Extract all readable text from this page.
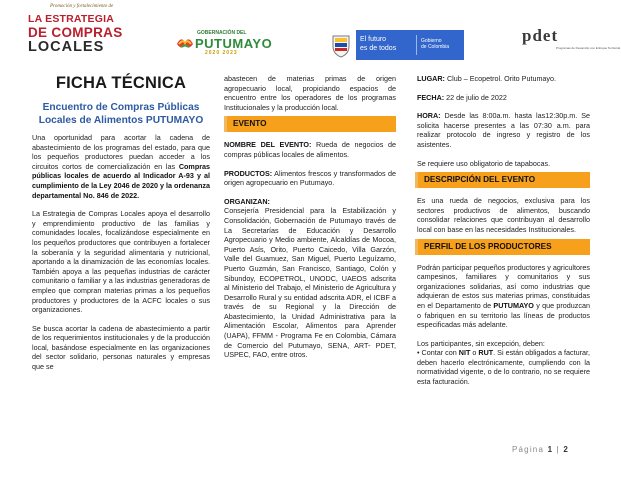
Promoción y fortalecimiento de
LA ESTRATEGIA
DE COMPRAS
LOCALES
GOBERNACIÓN DEL
PUTUMAYO
2020 2023
El futuro
es de todos
Gobierno
de Colombia
pdet
Programas de Desarrollo con Enfoque Territorial
FICHA TÉCNICA
Encuentro de Compras Públicas Locales de Alimentos PUTUMAYO

Una oportunidad para acortar la cadena de abastecimiento de los programas del estado, para que los pequeños productores puedan acceder a los circuitos cortos de comercialización en las Compras públicas locales de acuerdo al Indicador A-93 y al cumplimiento de la Ley 2046 de 2020 y la ordenanza departamental No. 846 de 2022.

La Estrategia de Compras Locales apoya el desarrollo y emprendimiento productivo de las familias y comunidades locales, focalizándose especialmente en los pequeños productores que contribuyen a fortalecer la soberanía y la seguridad alimentaria y nutricional, aportando a la dinamización de las economías locales. También apoya a las pequeñas industrias de carácter comunitario o familiar y a las industrias generadoras de empleo que compran materias primas a los pequeños productores y productores de la ACFC locales o sus organizaciones.

Se busca acortar la cadena de abastecimiento a partir de los requerimientos institucionales y de la producción local, basándose especialmente en las organizaciones del sector solidario, personas naturales y empresas que se

abastecen de materias primas de origen agropecuario local, propiciando espacios de encuentro entre los operadores de los programas Institucionales y la producción local.

EVENTO

NOMBRE DEL EVENTO: Rueda de negocios de compras públicas locales de alimentos.

PRODUCTOS: Alimentos frescos y transformados de origen agropecuario en Putumayo.

ORGANIZAN:

Consejería Presidencial para la Estabilización y Consolidación, Gobernación de Putumayo través de La Secretarías de Educación y Desarrollo Agropecuario y Medio ambiente, Alcaldías de Mocoa, Puerto Asís, Orito, Puerto Caicedo, Villa Garzón, Valle del Guamuez, San Miguel, Puerto Leguízamo, Puerto Guzmán, San Francisco, Santiago, Colón y Sibundoy, ECOPETROL, UNODC, UAEOS adscrita al Ministerio del Trabajo, el Ministerio de Agricultura y Desarrollo Rural y su entidad adscrita ADR, el ICBF a través de su Regional y la Dirección de Abastecimiento, la Unidad Administrativa para la Alimentación Escolar, Alimentos para Aprender (UAPA), FFMM - Programa Fe en Colombia, Cámara de Comercio del Putumayo, SENA, ART- PDET, USPEC, FAO, entre otros.

LUGAR: Club – Ecopetrol. Orito Putumayo.

FECHA: 22 de julio de 2022

HORA: Desde las 8:00a.m. hasta las12:30p.m. Se solicita hacerse presentes a las 07:30 a.m. para realizar protocolo de ingreso y registro de los asistentes.

Se requiere uso obligatorio de tapabocas.

DESCRIPCIÓN DEL EVENTO

Es una rueda de negocios, exclusiva para los sectores productivos de alimentos, buscando consolidar relaciones que contribuyan al desarrollo local con base en las necesidades Institucionales.

PERFIL DE LOS PRODUCTORES

Podrán participar pequeños productores y agricultores campesinos, familiares y comunitarios y sus organizaciones solidarias, así como industrias que adquieran de estos sus materias primas, constituidas en el Departamento de PUTUMAYO y que produzcan o fabriquen en su territorio las líneas de productos especificadas más adelante.

Los participantes, sin excepción, deben:

• Contar con NIT o RUT. Si están obligados a facturar, deben hacerlo electrónicamente, cumpliendo con la normatividad vigente, o de lo contrario, no se requiere esta facturación.

Página 1 | 2
